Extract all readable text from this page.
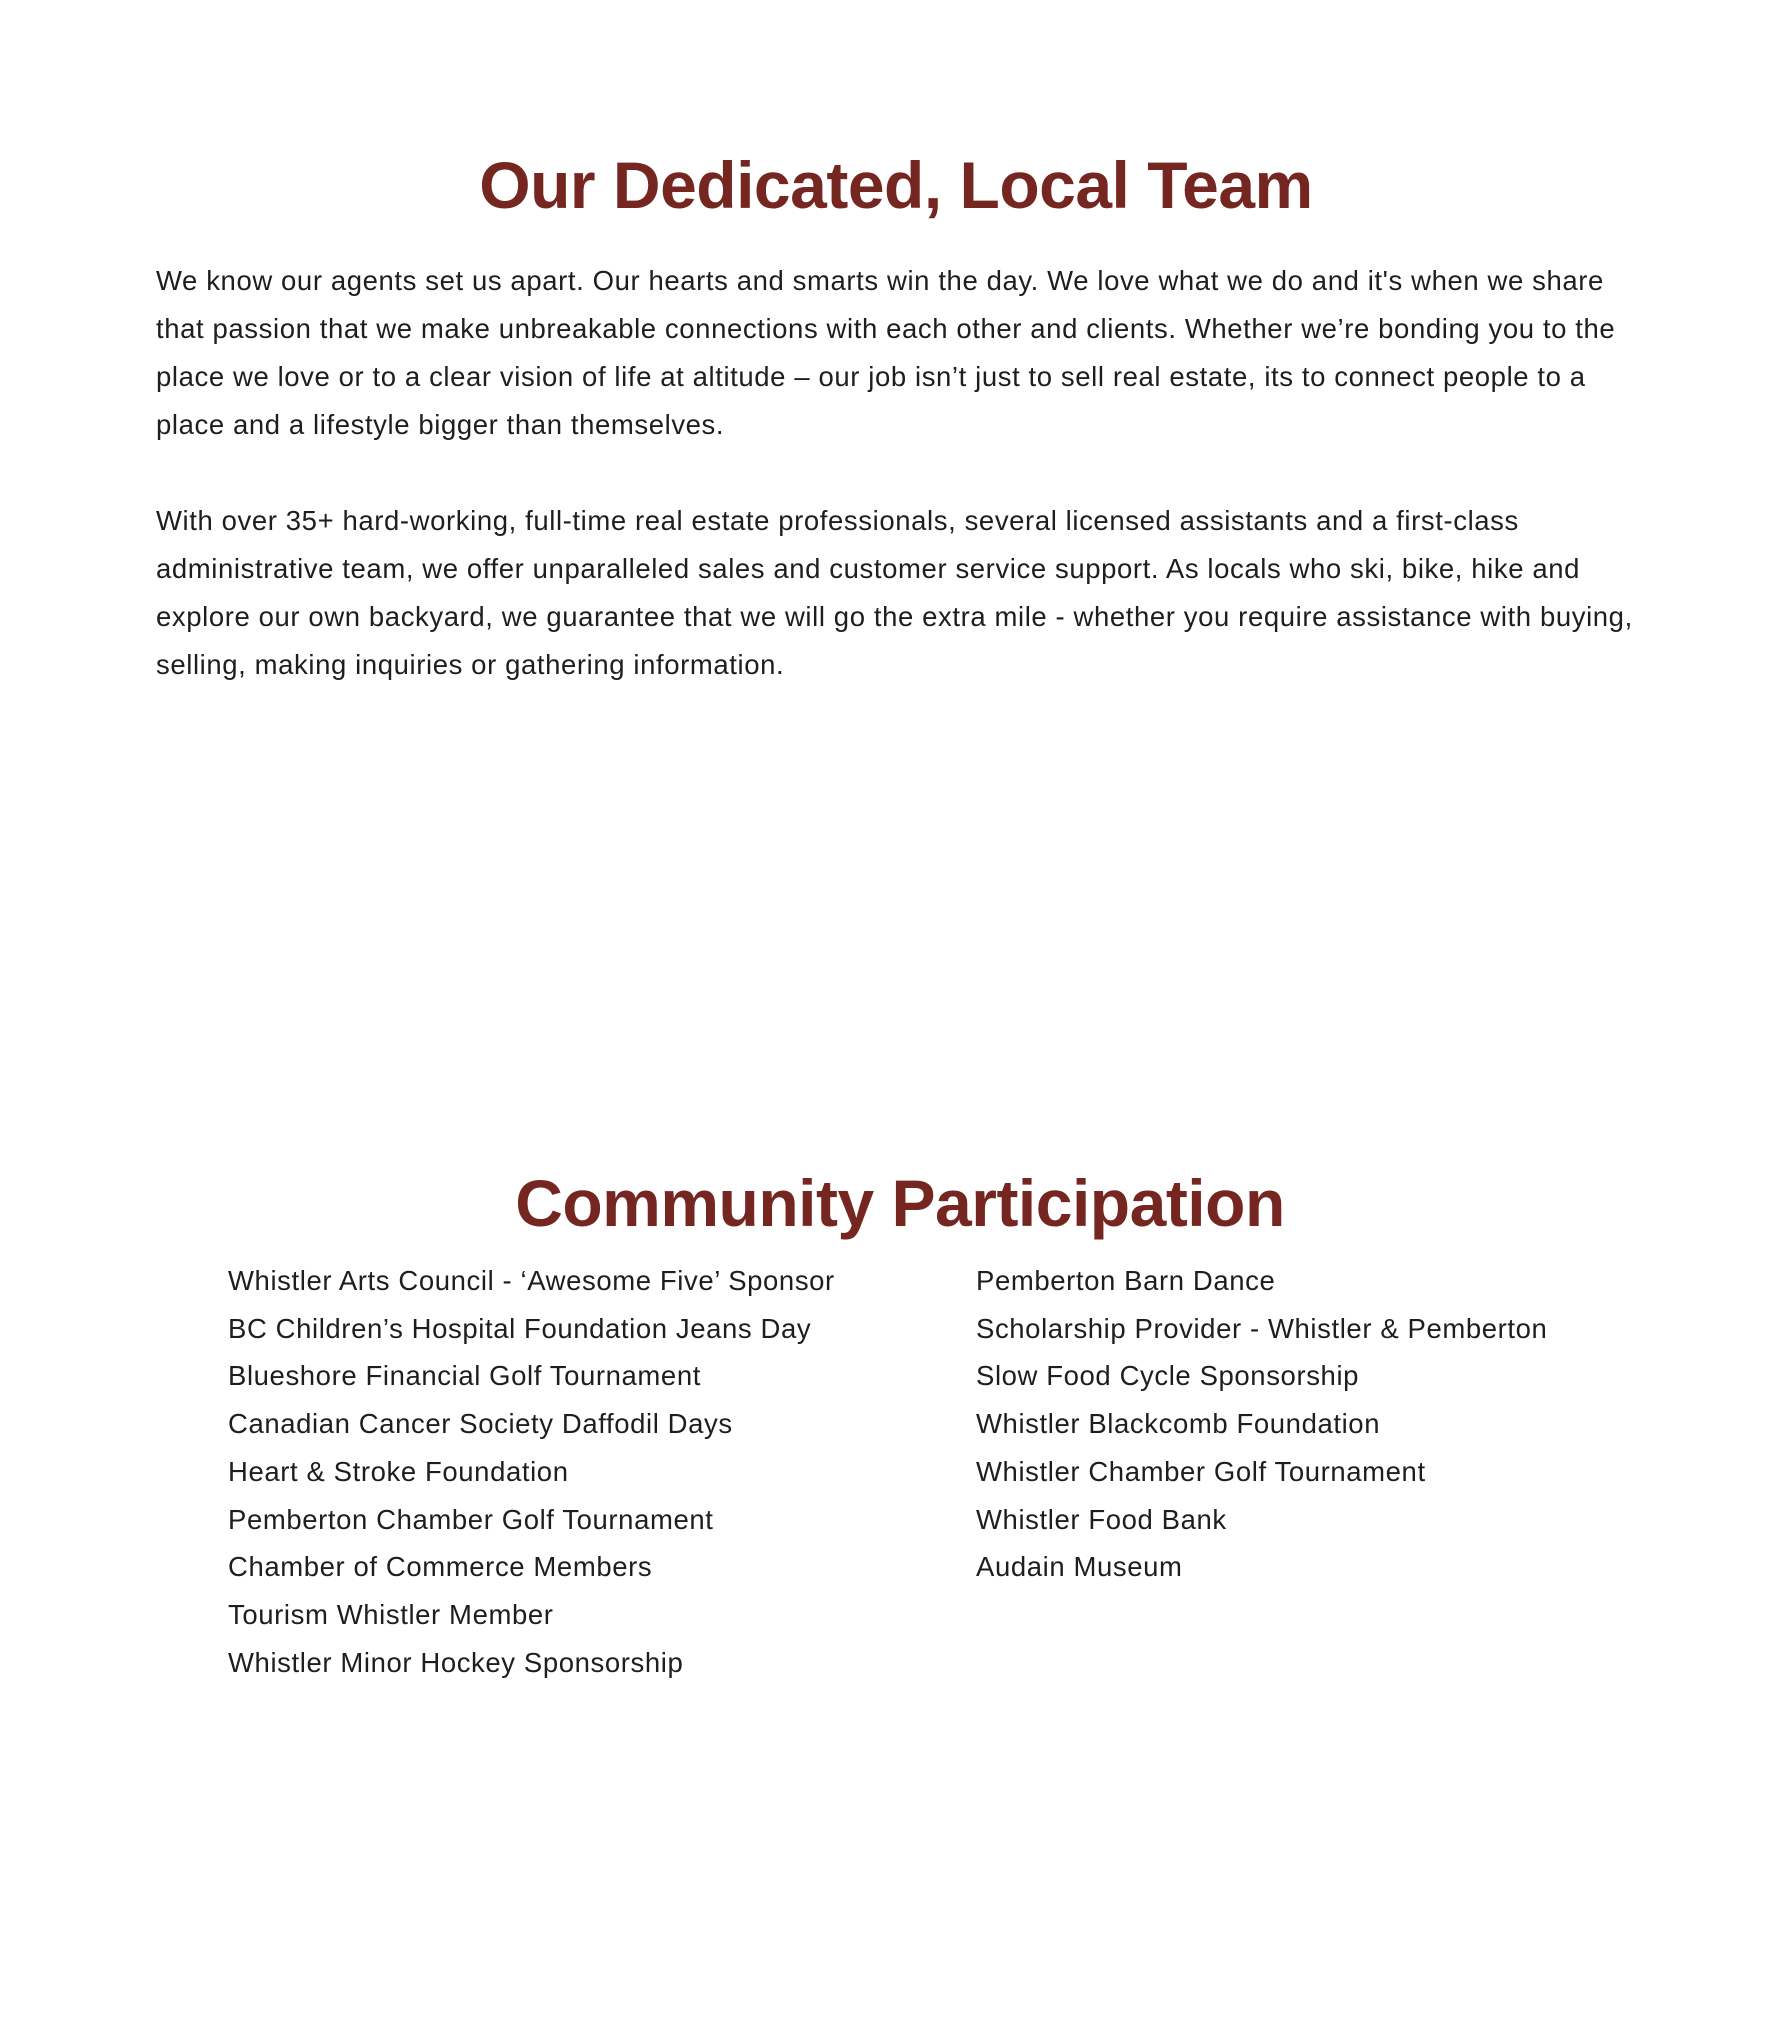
Our Dedicated, Local Team

We know our agents set us apart. Our hearts and smarts win the day. We love what we do and it's when we share that passion that we make unbreakable connections with each other and clients. Whether we’re bonding you to the place we love or to a clear vision of life at altitude – our job isn’t just to sell real estate, its to connect people to a place and a lifestyle bigger than themselves.

With over 35+ hard-working, full-time real estate professionals, several licensed assistants and a first-class administrative team, we offer unparalleled sales and customer service support. As locals who ski, bike, hike and explore our own backyard, we guarantee that we will go the extra mile - whether you require assistance with buying, selling, making inquiries or gathering information.

Community Participation
Whistler Arts Council - ‘Awesome Five’ Sponsor
BC Children’s Hospital Foundation Jeans Day
Blueshore Financial Golf Tournament
Canadian Cancer Society Daffodil Days
Heart & Stroke Foundation
Pemberton Chamber Golf Tournament
Chamber of Commerce Members
Tourism Whistler Member
Whistler Minor Hockey Sponsorship
Pemberton Barn Dance
Scholarship Provider - Whistler & Pemberton
Slow Food Cycle Sponsorship
Whistler Blackcomb Foundation
Whistler Chamber Golf Tournament
Whistler Food Bank
Audain Museum
